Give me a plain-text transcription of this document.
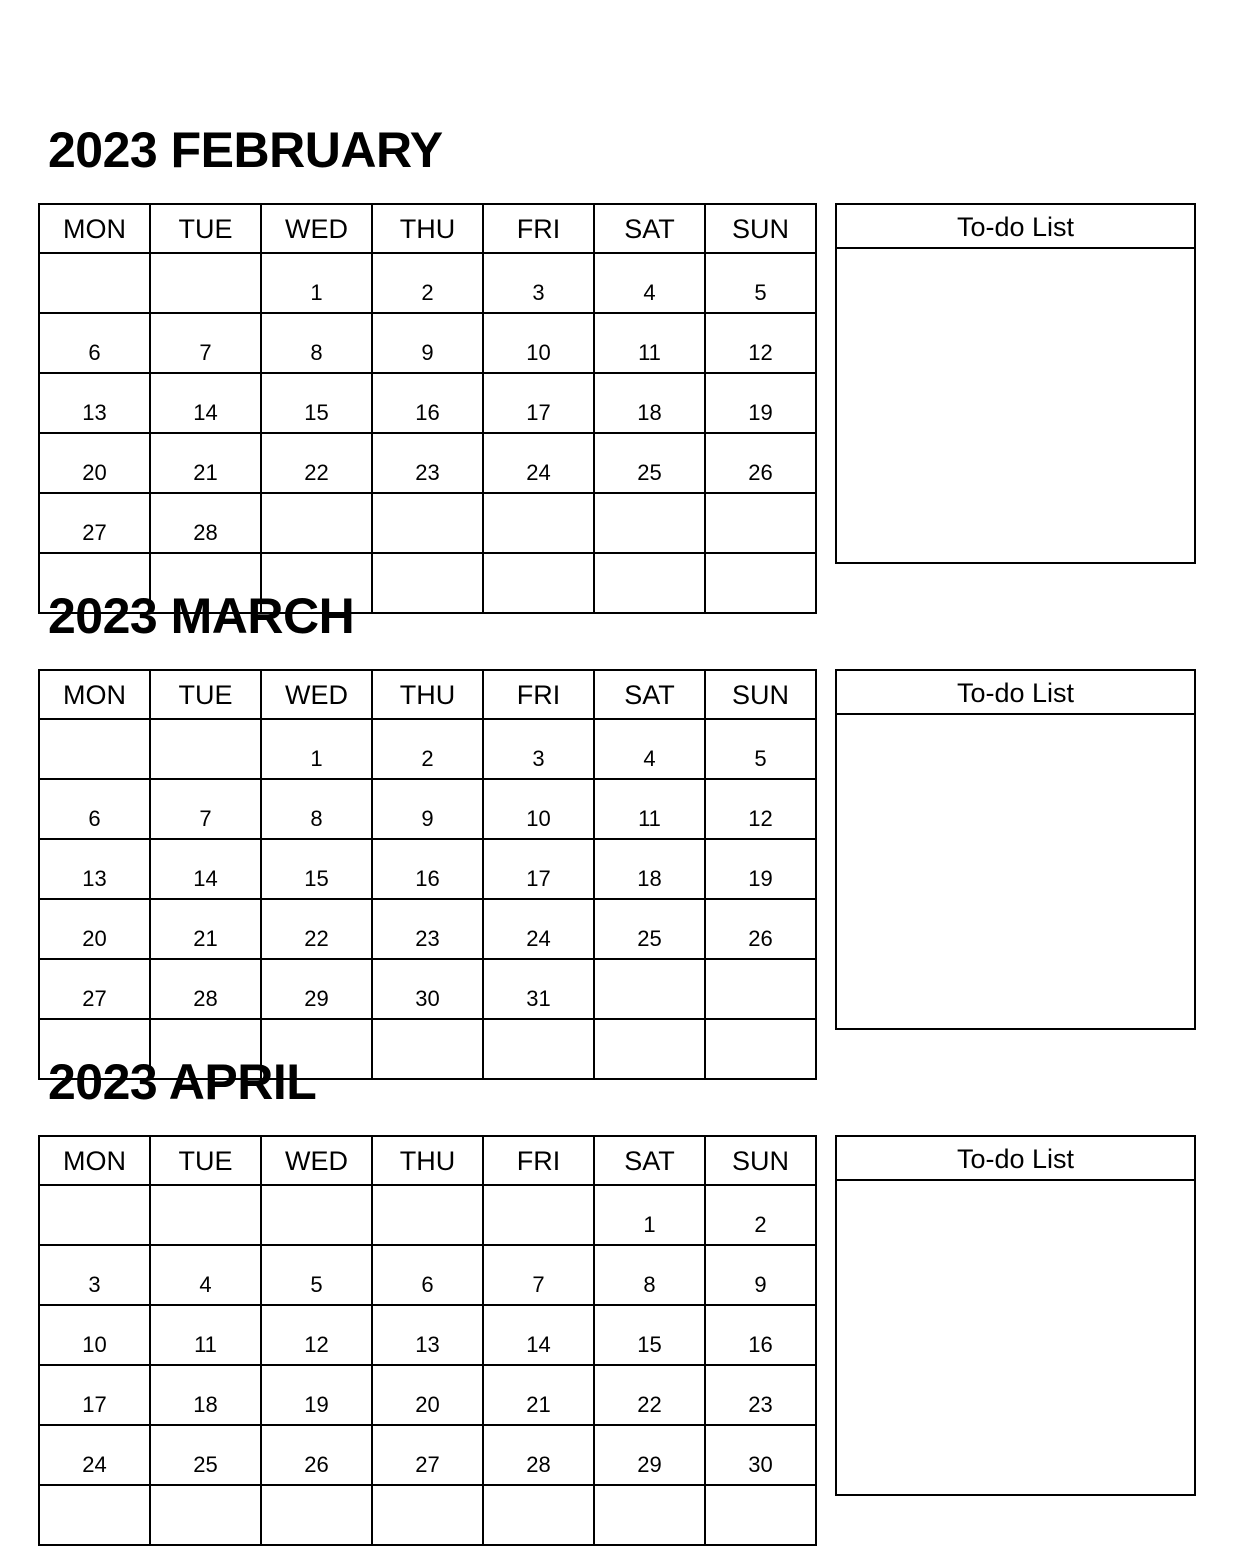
2023 FEBRUARY
MON	TUE	WED	THU	FRI	SAT	SUN
		1	2	3	4	5
6	7	8	9	10	11	12
13	14	15	16	17	18	19
20	21	22	23	24	25	26
27	28					

To-do List
2023 MARCH
MON	TUE	WED	THU	FRI	SAT	SUN
		1	2	3	4	5
6	7	8	9	10	11	12
13	14	15	16	17	18	19
20	21	22	23	24	25	26
27	28	29	30	31		

To-do List
2023 APRIL
MON	TUE	WED	THU	FRI	SAT	SUN
					1	2
3	4	5	6	7	8	9
10	11	12	13	14	15	16
17	18	19	20	21	22	23
24	25	26	27	28	29	30

To-do List
